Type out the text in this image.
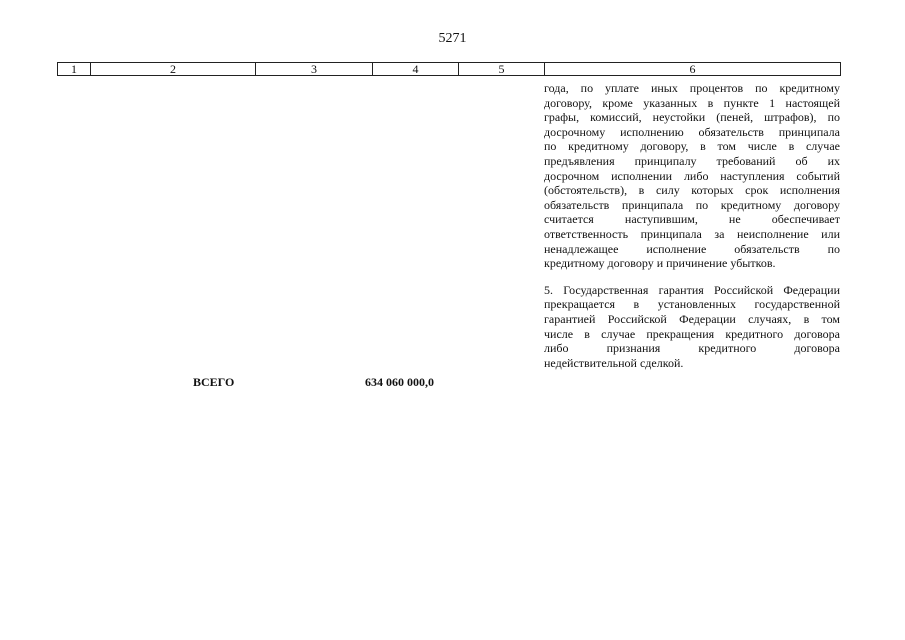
5271
1	2	3	4	5	6

года, по уплате иных процентов по кредитному

договору, кроме указанных в пункте 1 настоящей

графы, комиссий, неустойки (пеней, штрафов), по

досрочному исполнению обязательств принципала

по кредитному договору, в том числе в случае

предъявления принципалу требований об их

досрочном исполнении либо наступления событий

(обстоятельств), в силу которых срок исполнения

обязательств принципала по кредитному договору

считается наступившим, не обеспечивает

ответственность принципала за неисполнение или

ненадлежащее исполнение обязательств по

кредитному договору и причинение убытков.

5. Государственная гарантия Российской Федерации

прекращается в установленных государственной

гарантией Российской Федерации случаях, в том

числе в случае прекращения кредитного договора

либо признания кредитного договора

недействительной сделкой.

ВСЕГО	634 060 000,0
